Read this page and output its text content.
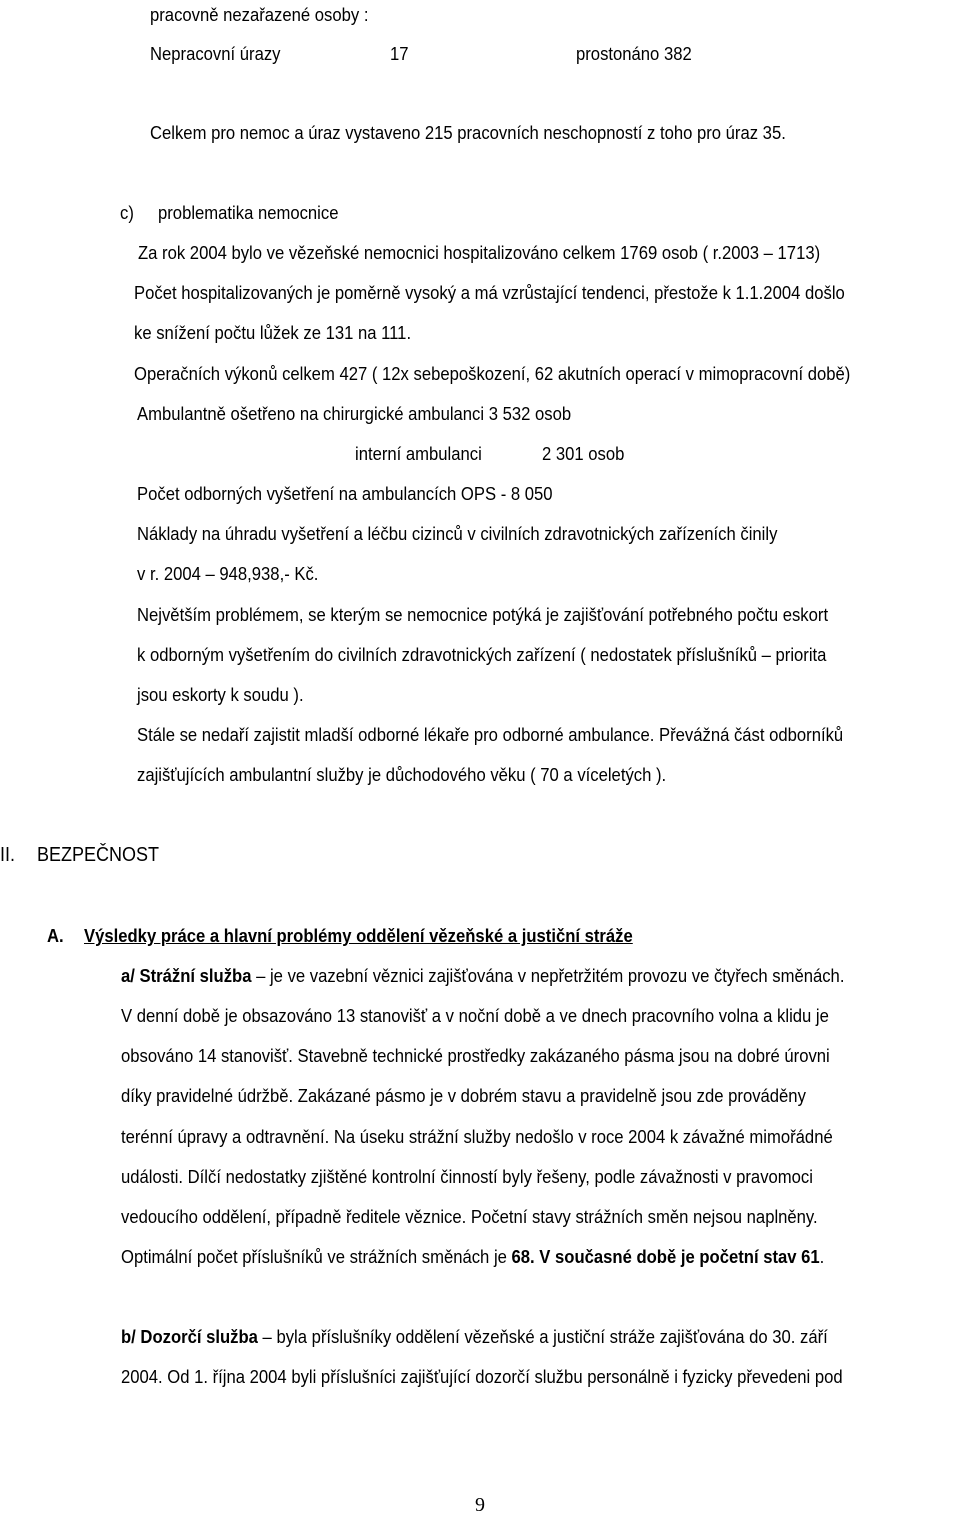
pracovně nezařazené osoby :
Nepracovní úrazy	17	prostonáno 382
Celkem pro nemoc a úraz vystaveno 215 pracovních neschopností z toho pro úraz 35.
c) problematika nemocnice
Za rok 2004 bylo ve vězeňské nemocnici hospitalizováno celkem 1769 osob ( r.2003 – 1713)
Počet hospitalizovaných je poměrně vysoký a má vzrůstající tendenci, přestože k 1.1.2004 došlo
ke snížení počtu lůžek ze 131 na 111.
Operačních výkonů celkem 427 ( 12x sebepoškození, 62 akutních operací v mimopracovní době)
Ambulantně ošetřeno na chirurgické ambulanci 3 532 osob
interní ambulanci	2 301 osob
Počet odborných vyšetření na ambulancích OPS - 8 050
Náklady na úhradu vyšetření a léčbu cizinců v civilních zdravotnických zařízeních činily
v r. 2004 – 948,938,- Kč.
Největším problémem, se kterým se nemocnice potýká je zajišťování potřebného počtu eskort
k odborným vyšetřením do civilních zdravotnických zařízení ( nedostatek příslušníků – priorita
jsou eskorty k soudu ).
Stále se nedaří zajistit mladší odborné lékaře pro odborné ambulance. Převážná část odborníků
zajišťujících ambulantní služby je důchodového věku ( 70 a víceletých ).
II. BEZPEČNOST
A. Výsledky práce a hlavní problémy oddělení vězeňské a justiční stráže
a/ Strážní služba – je ve vazební věznici zajišťována v nepřetržitém provozu ve čtyřech směnách.
V denní době je obsazováno 13 stanovišť a v noční době a ve dnech pracovního volna a klidu je
obsováno 14 stanovišť. Stavebně technické prostředky zakázaného pásma jsou na dobré úrovni
díky pravidelné údržbě. Zakázané pásmo je v dobrém stavu a pravidelně jsou zde prováděny
terénní úpravy a odtravnění. Na úseku strážní služby nedošlo v roce 2004 k závažné mimořádné
události. Dílčí nedostatky zjištěné kontrolní činností byly řešeny, podle závažnosti v pravomoci
vedoucího oddělení, případně ředitele věznice. Početní stavy strážních směn nejsou naplněny.
Optimální počet příslušníků ve strážních směnách je 68. V současné době je početní stav 61.
b/ Dozorčí služba – byla příslušníky oddělení vězeňské a justiční stráže zajišťována do 30. září
2004. Od 1. října 2004 byli příslušníci zajišťující dozorčí službu personálně i fyzicky převedeni pod
9
